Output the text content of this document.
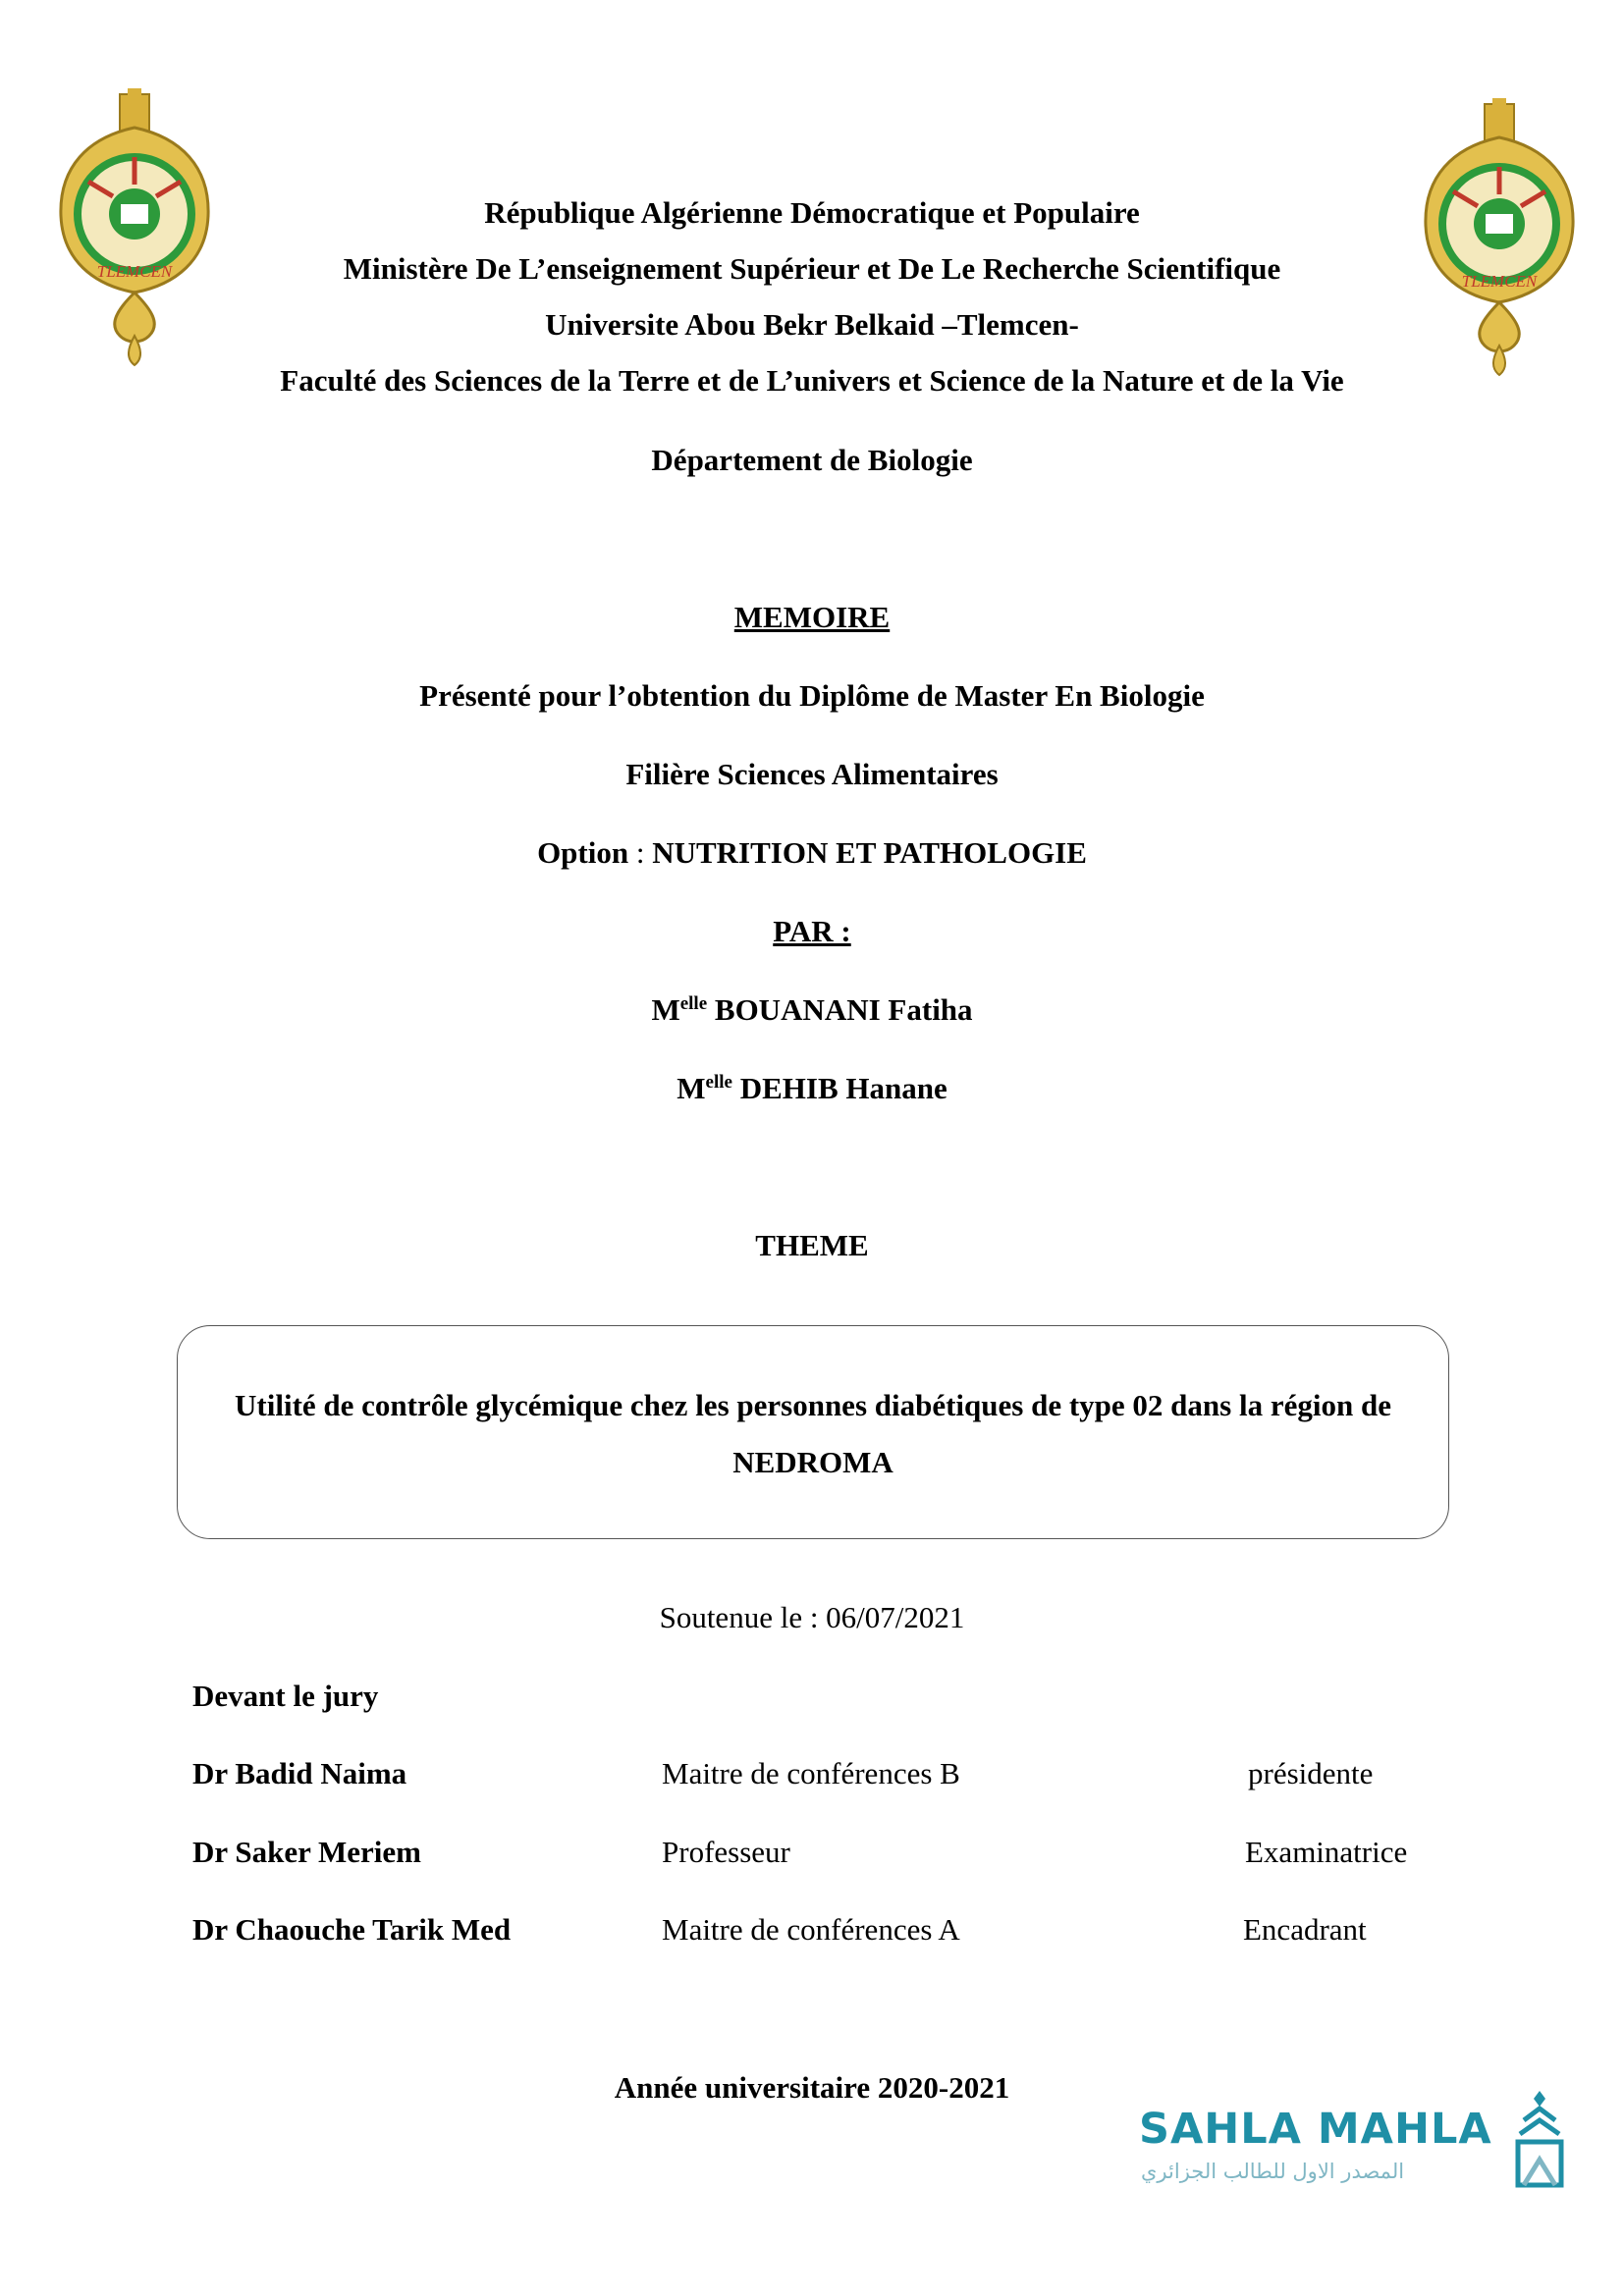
TLEMCEN
TLEMCEN
République Algérienne Démocratique et Populaire
Ministère De L’enseignement Supérieur et De Le Recherche Scientifique
Universite Abou Bekr Belkaid –Tlemcen-
Faculté des Sciences de la Terre et de L’univers et Science de la Nature et de la Vie
Département de Biologie
MEMOIRE
Présenté pour l’obtention du Diplôme de Master En Biologie
Filière Sciences Alimentaires
Option : NUTRITION ET PATHOLOGIE
PAR :
$M^{elle}$ BOUANANI Fatiha
$M^{elle}$ DEHIB Hanane
THEME
Utilité de contrôle glycémique chez les personnes diabétiques de type 02 dans la région de NEDROMA
Soutenue le : 06/07/2021
Devant le jury
Dr Badid Naima	Maitre de conférences B	présidente
Dr Saker Meriem	Professeur	Examinatrice
Dr Chaouche Tarik Med	Maitre de conférences A	Encadrant
Année universitaire 2020-2021
SAHLA MAHLA
المصدر الاول للطالب الجزائري
